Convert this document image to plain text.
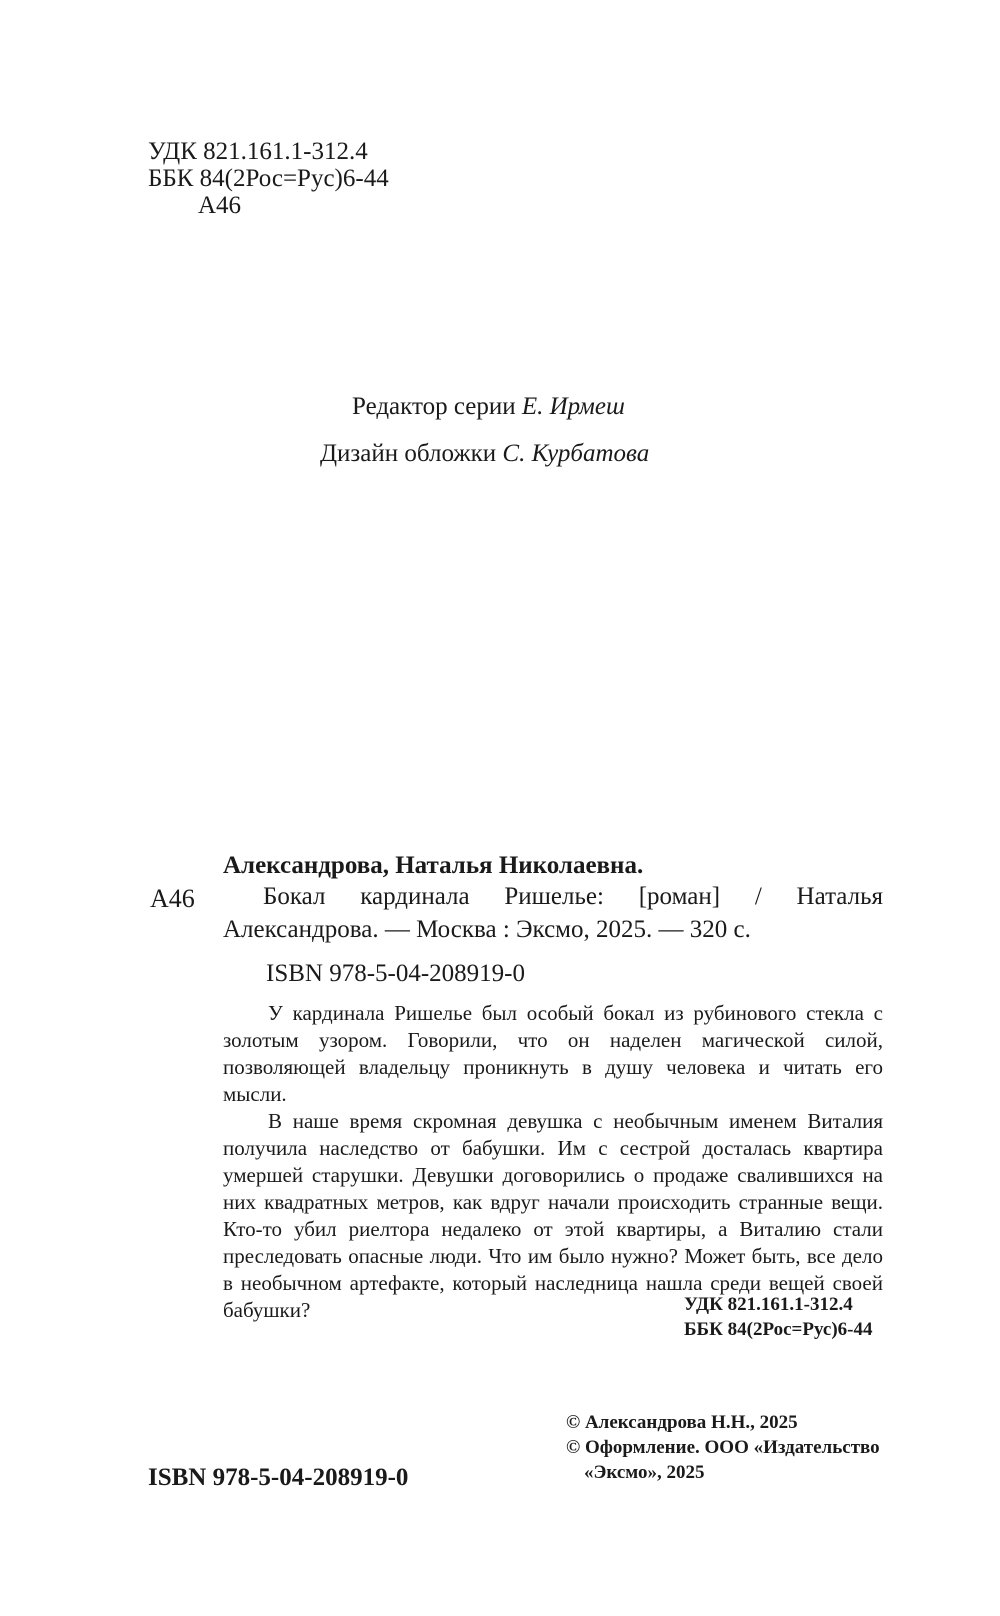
УДК 821.161.1-312.4
ББК 84(2Рос=Рус)6-44
А46
Редактор серии Е. Ирмеш
Дизайн обложки С. Курбатова
Александрова, Наталья Николаевна.
А46	Бокал кардинала Ришелье: [роман] / Наталья Александрова. — Москва : Эксмо, 2025. — 320 с.
ISBN 978-5-04-208919-0

У кардинала Ришелье был особый бокал из рубинового стекла с золотым узором. Говорили, что он наделен магической силой, позволяющей владельцу проникнуть в душу человека и читать его мысли.

В наше время скромная девушка с необычным именем Виталия получила наследство от бабушки. Им с сестрой досталась квартира умершей старушки. Девушки договорились о продаже свалившихся на них квадратных метров, как вдруг начали происходить странные вещи. Кто-то убил риелтора недалеко от этой квартиры, а Виталию стали преследовать опасные люди. Что им было нужно? Может быть, все дело в необычном артефакте, который наследница нашла среди вещей своей бабушки?	УДК 821.161.1-312.4
ББК 84(2Рос=Рус)6-44
ISBN 978-5-04-208919-0
© Александрова Н.Н., 2025
© Оформление. ООО «Издательство
«Эксмо», 2025
